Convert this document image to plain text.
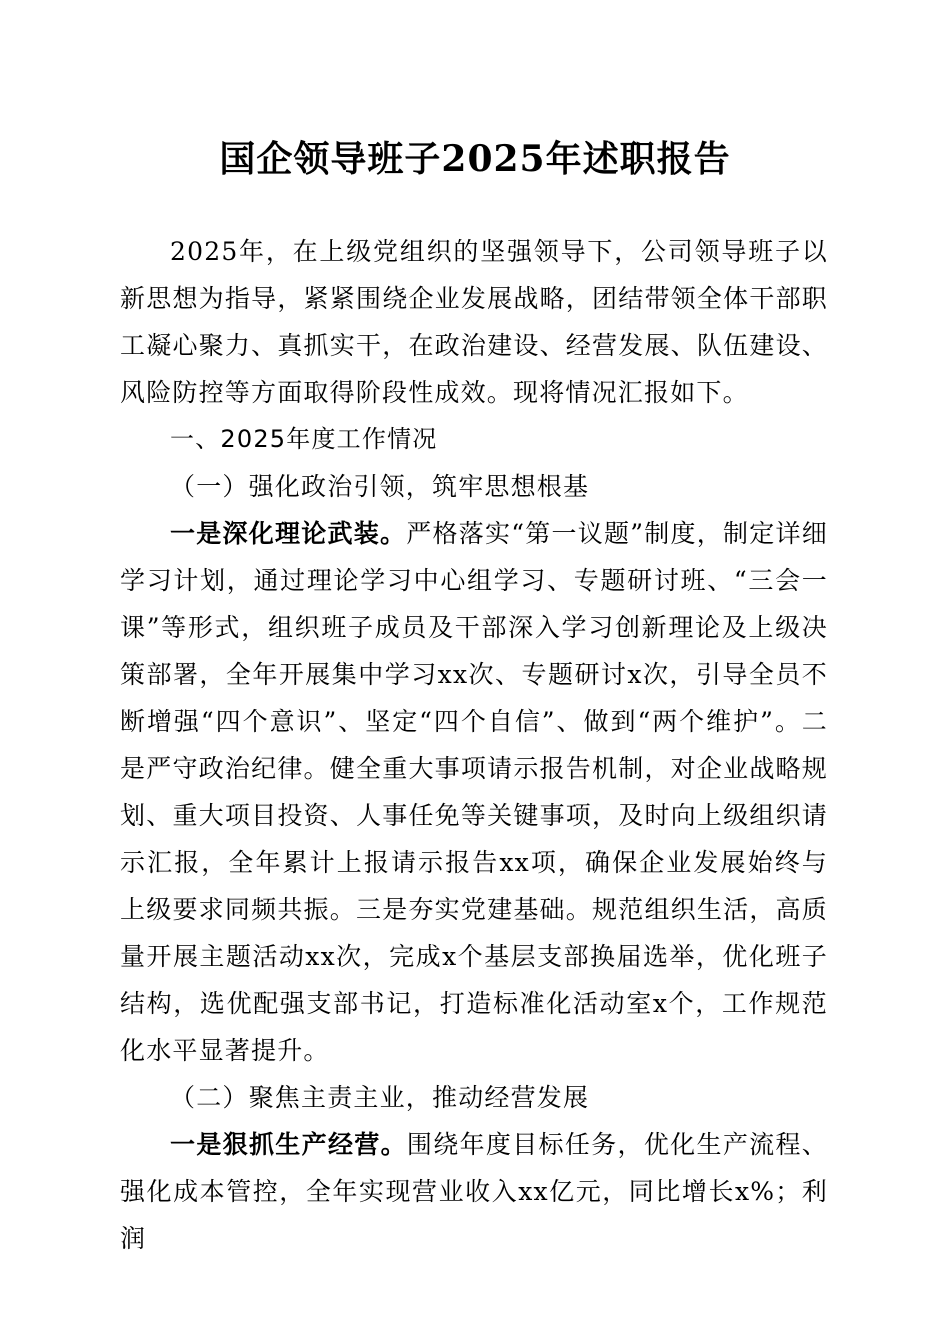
国企领导班子2025年述职报告

2025年，在上级党组织的坚强领导下，公司领导班子以新思想为指导，紧紧围绕企业发展战略，团结带领全体干部职工凝心聚力、真抓实干，在政治建设、经营发展、队伍建设、风险防控等方面取得阶段性成效。现将情况汇报如下。

一、2025年度工作情况

（一）强化政治引领，筑牢思想根基

一是深化理论武装。严格落实“第一议题”制度，制定详细学习计划，通过理论学习中心组学习、专题研讨班、“三会一课”等形式，组织班子成员及干部深入学习创新理论及上级决策部署，全年开展集中学习xx次、专题研讨x次，引导全员不断增强“四个意识”、坚定“四个自信”、做到“两个维护”。二是严守政治纪律。健全重大事项请示报告机制，对企业战略规划、重大项目投资、人事任免等关键事项，及时向上级组织请示汇报，全年累计上报请示报告xx项，确保企业发展始终与上级要求同频共振。三是夯实党建基础。规范组织生活，高质量开展主题活动xx次，完成x个基层支部换届选举，优化班子结构，选优配强支部书记，打造标准化活动室x个，工作规范化水平显著提升。

（二）聚焦主责主业，推动经营发展

一是狠抓生产经营。围绕年度目标任务，优化生产流程、强化成本管控，全年实现营业收入xx亿元，同比增长x%；利润
